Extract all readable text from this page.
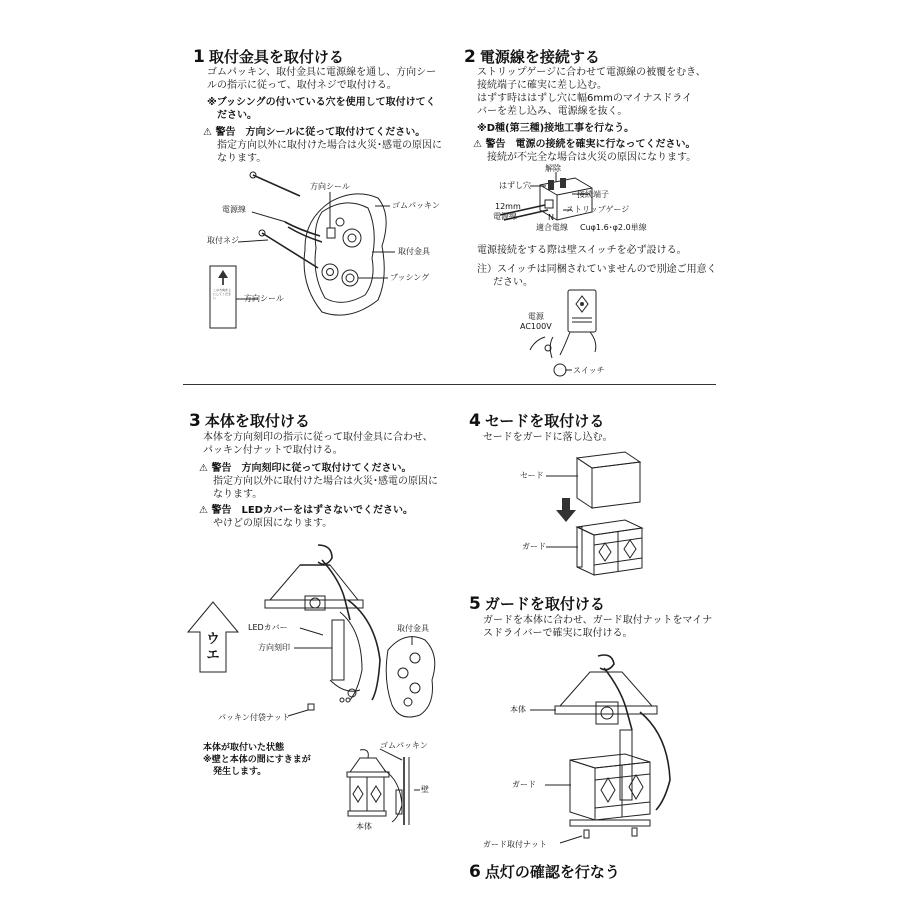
1 取付金具を取付ける
ゴムパッキン、取付金具に電源線を通し、方向シー
ルの指示に従って、取付ネジで取付ける。
※ブッシングの付いている穴を使用して取付けてく
ださい。
⚠ 警告　方向シールに従って取付けてください。
指定方向以外に取付けた場合は火災･感電の原因に
なります。
方向シール
ゴムパッキン
電源線
取付金具
取付ネジ
ブッシング
方向シール
この方向を上にしてください
2 電源線を接続する
ストリップゲージに合わせて電源線の被覆をむき、
接続端子に確実に差し込む。
はずす時ははずし穴に幅6mmのマイナスドライ
バーを差し込み、電源線を抜く。
※D種(第三種)接地工事を行なう。
⚠ 警告　電源の接続を確実に行なってください。
接続が不完全な場合は火災の原因になります。
解除
はずし穴
接続端子
12mm
電源線	N
ストリップゲージ
適合電線 Cuφ1.6･φ2.0単線
電源接続をする際は壁スイッチを必ず設ける。
注）スイッチは同梱されていませんので別途ご用意く
ださい。
電源
AC100V
スイッチ
3 本体を取付ける
本体を方向刻印の指示に従って取付金具に合わせ、
パッキン付ナットで取付ける。
⚠ 警告　方向刻印に従って取付けてください。
指定方向以外に取付けた場合は火災･感電の原因に
なります。
⚠ 警告　LEDカバーをはずさないでください。
やけどの原因になります。
ウエ
LEDカバー
方向刻印
取付金具
パッキン付袋ナット
本体が取付いた状態
※壁と本体の間にすきまが
発生します。
ゴムパッキン
壁
本体
4 セードを取付ける
セードをガードに落し込む。
セード
ガード
5 ガードを取付ける
ガードを本体に合わせ、ガード取付ナットをマイナ
スドライバーで確実に取付ける。
本体
ガード
ガード取付ナット
6 点灯の確認を行なう
